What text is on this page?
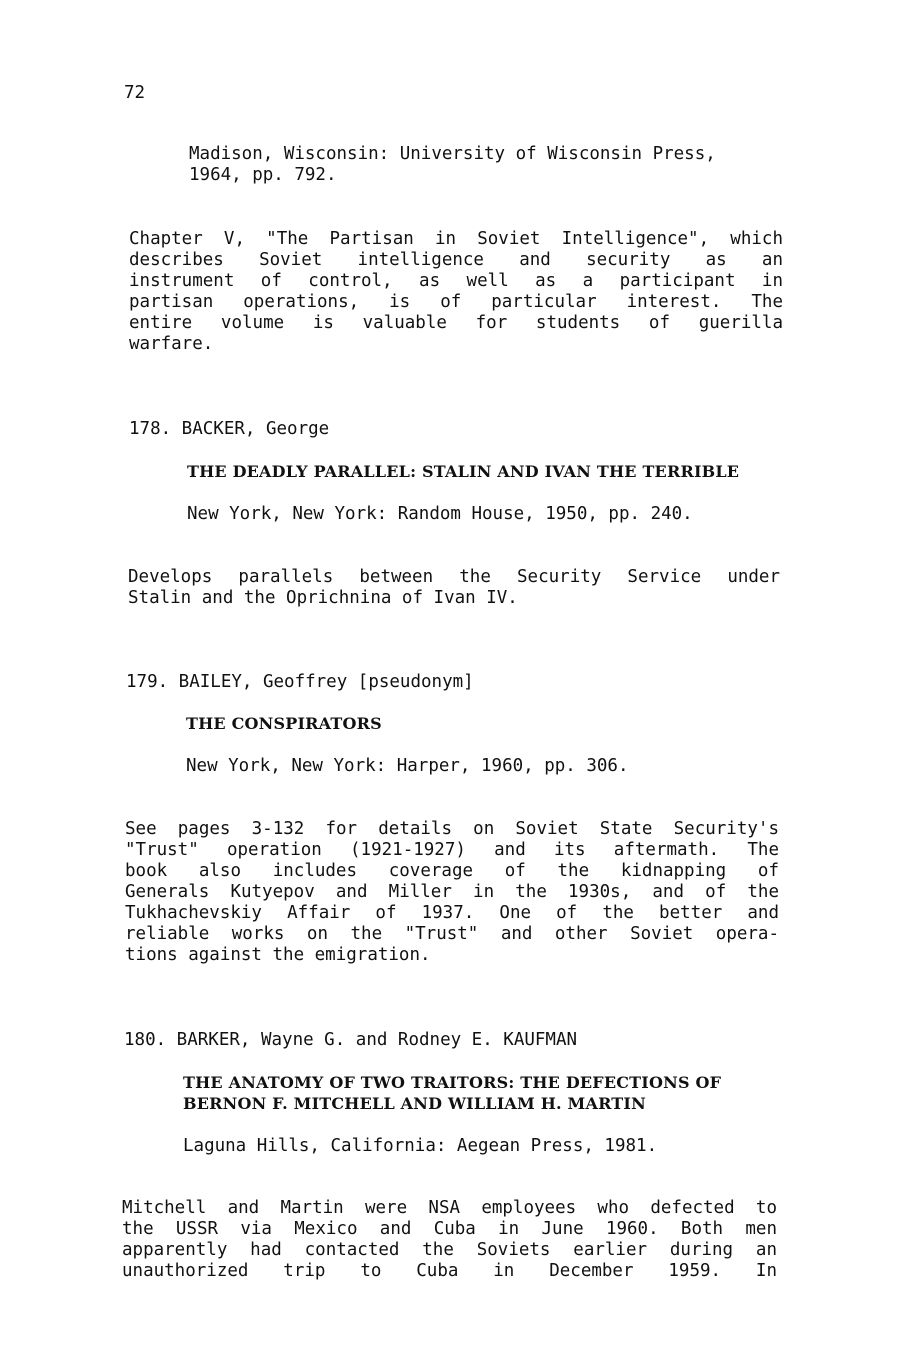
72
Madison, Wisconsin: University of Wisconsin Press,
1964, pp. 792.
Chapter V, "The Partisan in Soviet Intelligence", which
describes Soviet intelligence and security as an
instrument of control, as well as a participant in
partisan operations, is of particular interest. The
entire volume is valuable for students of guerilla
warfare.
178. BACKER, George
THE DEADLY PARALLEL: STALIN AND IVAN THE TERRIBLE
New York, New York: Random House, 1950, pp. 240.
Develops parallels between the Security Service under
Stalin and the Oprichnina of Ivan IV.
179. BAILEY, Geoffrey [pseudonym]
THE CONSPIRATORS
New York, New York: Harper, 1960, pp. 306.
See pages 3-132 for details on Soviet State Security's
"Trust" operation (1921-1927) and its aftermath. The
book also includes coverage of the kidnapping of
Generals Kutyepov and Miller in the 1930s, and of the
Tukhachevskiy Affair of 1937. One of the better and
reliable works on the "Trust" and other Soviet opera-
tions against the emigration.
180. BARKER, Wayne G. and Rodney E. KAUFMAN
THE ANATOMY OF TWO TRAITORS: THE DEFECTIONS OF
BERNON F. MITCHELL AND WILLIAM H. MARTIN
Laguna Hills, California: Aegean Press, 1981.
Mitchell and Martin were NSA employees who defected to
the USSR via Mexico and Cuba in June 1960. Both men
apparently had contacted the Soviets earlier during an
unauthorized trip to Cuba in December 1959. In
